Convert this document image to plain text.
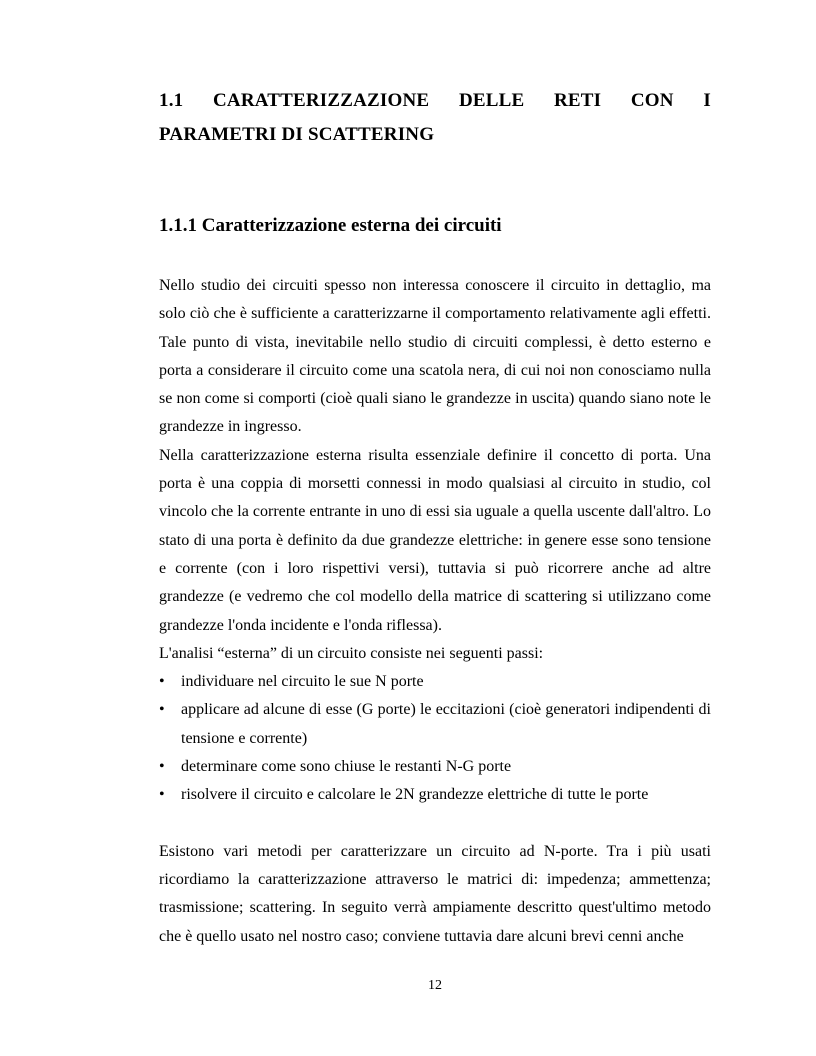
1.1 CARATTERIZZAZIONE DELLE RETI CON I
PARAMETRI DI SCATTERING
1.1.1 Caratterizzazione esterna dei circuiti

Nello studio dei circuiti spesso non interessa conoscere il circuito in dettaglio, ma solo ciò che è sufficiente a caratterizzarne il comportamento relativamente agli effetti. Tale punto di vista, inevitabile nello studio di circuiti complessi, è detto esterno e porta a considerare il circuito come una scatola nera, di cui noi non conosciamo nulla se non come si comporti (cioè quali siano le grandezze in uscita) quando siano note le grandezze in ingresso.

Nella caratterizzazione esterna risulta essenziale definire il concetto di porta. Una porta è una coppia di morsetti connessi in modo qualsiasi al circuito in studio, col vincolo che la corrente entrante in uno di essi sia uguale a quella uscente dall'altro. Lo stato di una porta è definito da due grandezze elettriche: in genere esse sono tensione e corrente (con i loro rispettivi versi), tuttavia si può ricorrere anche ad altre grandezze (e vedremo che col modello della matrice di scattering si utilizzano come grandezze l'onda incidente e l'onda riflessa).

L'analisi “esterna” di un circuito consiste nei seguenti passi:

• individuare nel circuito le sue N porte
• applicare ad alcune di esse (G porte) le eccitazioni (cioè generatori indipendenti di tensione e corrente)
• determinare come sono chiuse le restanti N-G porte
• risolvere il circuito e calcolare le 2N grandezze elettriche di tutte le porte

Esistono vari metodi per caratterizzare un circuito ad N-porte. Tra i più usati ricordiamo la caratterizzazione attraverso le matrici di: impedenza; ammettenza; trasmissione; scattering. In seguito verrà ampiamente descritto quest'ultimo metodo che è quello usato nel nostro caso; conviene tuttavia dare alcuni brevi cenni anche

12
